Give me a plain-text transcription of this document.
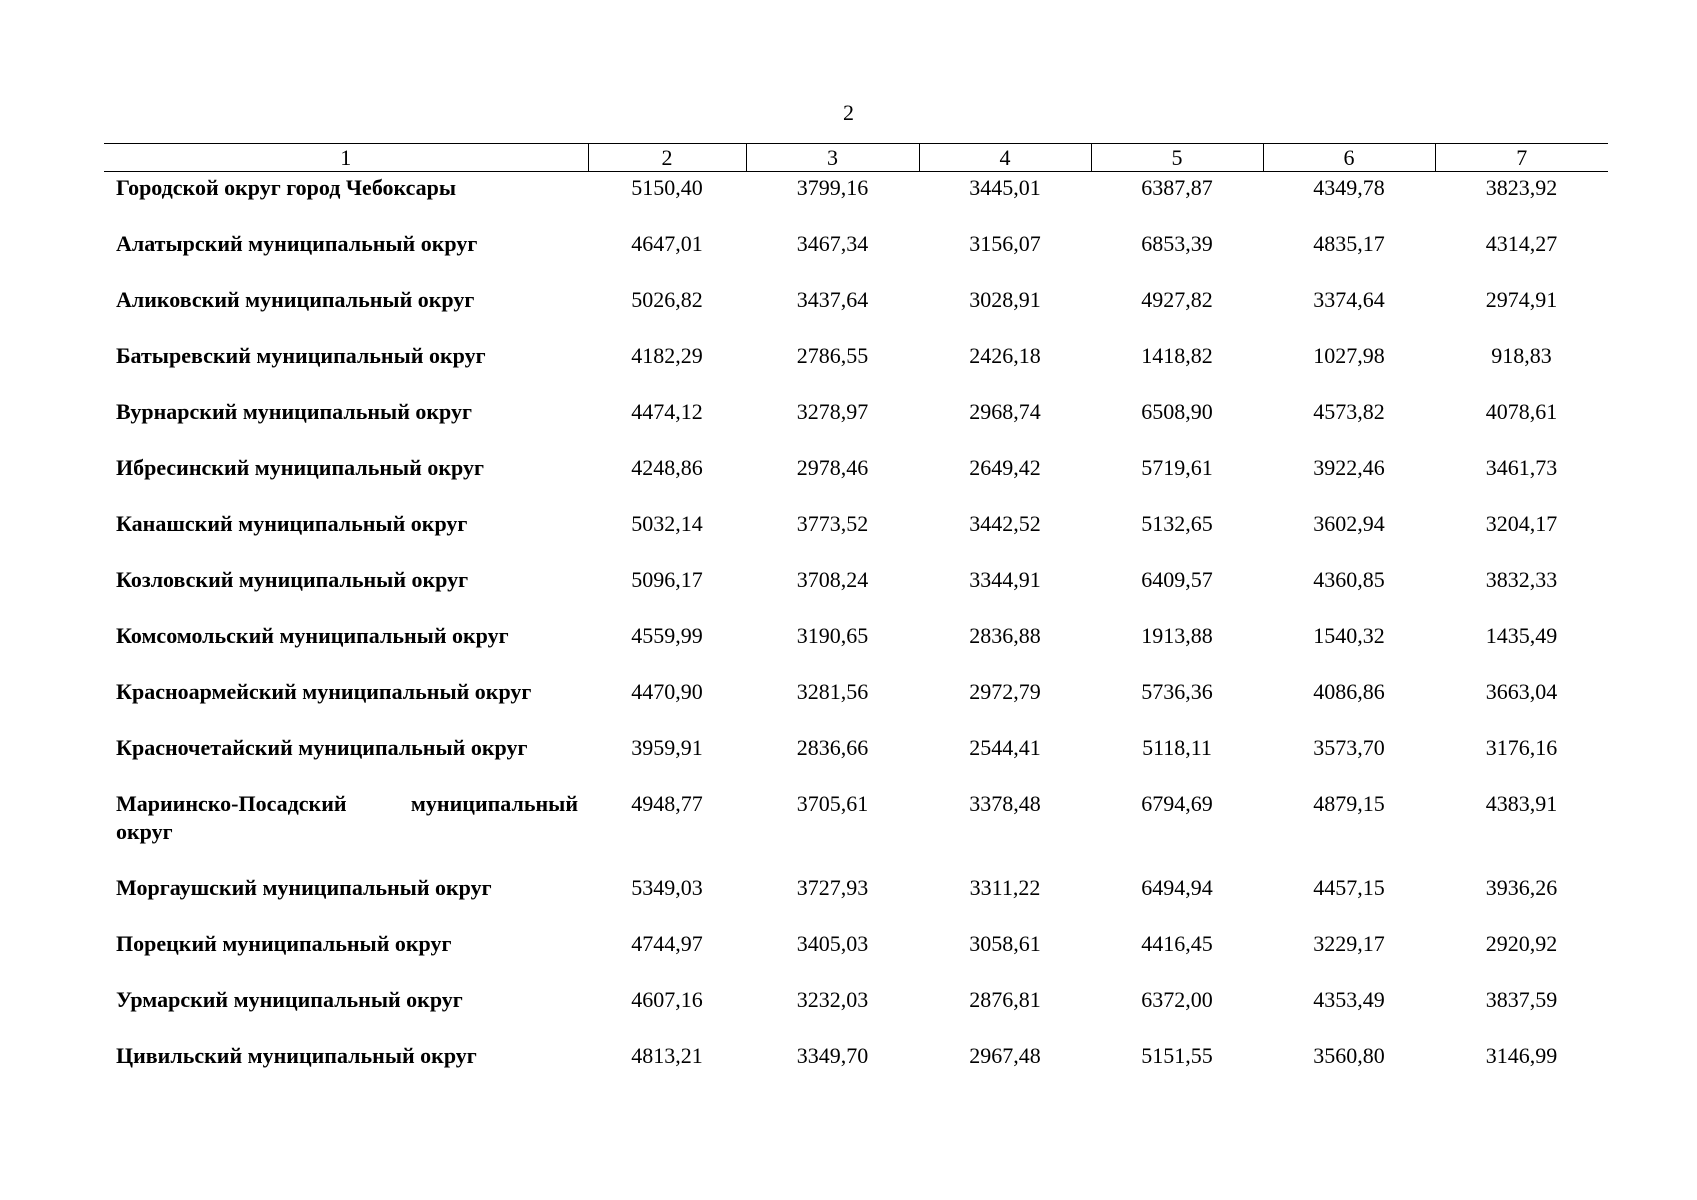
2
1	2	3	4	5	6	7
Городской округ город Чебоксары	5150,40	3799,16	3445,01	6387,87	4349,78	3823,92
Алатырский муниципальный округ	4647,01	3467,34	3156,07	6853,39	4835,17	4314,27
Аликовский муниципальный округ	5026,82	3437,64	3028,91	4927,82	3374,64	2974,91
Батыревский муниципальный округ	4182,29	2786,55	2426,18	1418,82	1027,98	918,83
Вурнарский муниципальный округ	4474,12	3278,97	2968,74	6508,90	4573,82	4078,61
Ибресинский муниципальный округ	4248,86	2978,46	2649,42	5719,61	3922,46	3461,73
Канашский муниципальный округ	5032,14	3773,52	3442,52	5132,65	3602,94	3204,17
Козловский муниципальный округ	5096,17	3708,24	3344,91	6409,57	4360,85	3832,33
Комсомольский муниципальный округ	4559,99	3190,65	2836,88	1913,88	1540,32	1435,49
Красноармейский муниципальный округ	4470,90	3281,56	2972,79	5736,36	4086,86	3663,04
Красночетайский муниципальный округ	3959,91	2836,66	2544,41	5118,11	3573,70	3176,16
Мариинско-Посадский муниципальный округ	4948,77	3705,61	3378,48	6794,69	4879,15	4383,91
Моргаушский муниципальный округ	5349,03	3727,93	3311,22	6494,94	4457,15	3936,26
Порецкий муниципальный округ	4744,97	3405,03	3058,61	4416,45	3229,17	2920,92
Урмарский муниципальный округ	4607,16	3232,03	2876,81	6372,00	4353,49	3837,59
Цивильский муниципальный округ	4813,21	3349,70	2967,48	5151,55	3560,80	3146,99
